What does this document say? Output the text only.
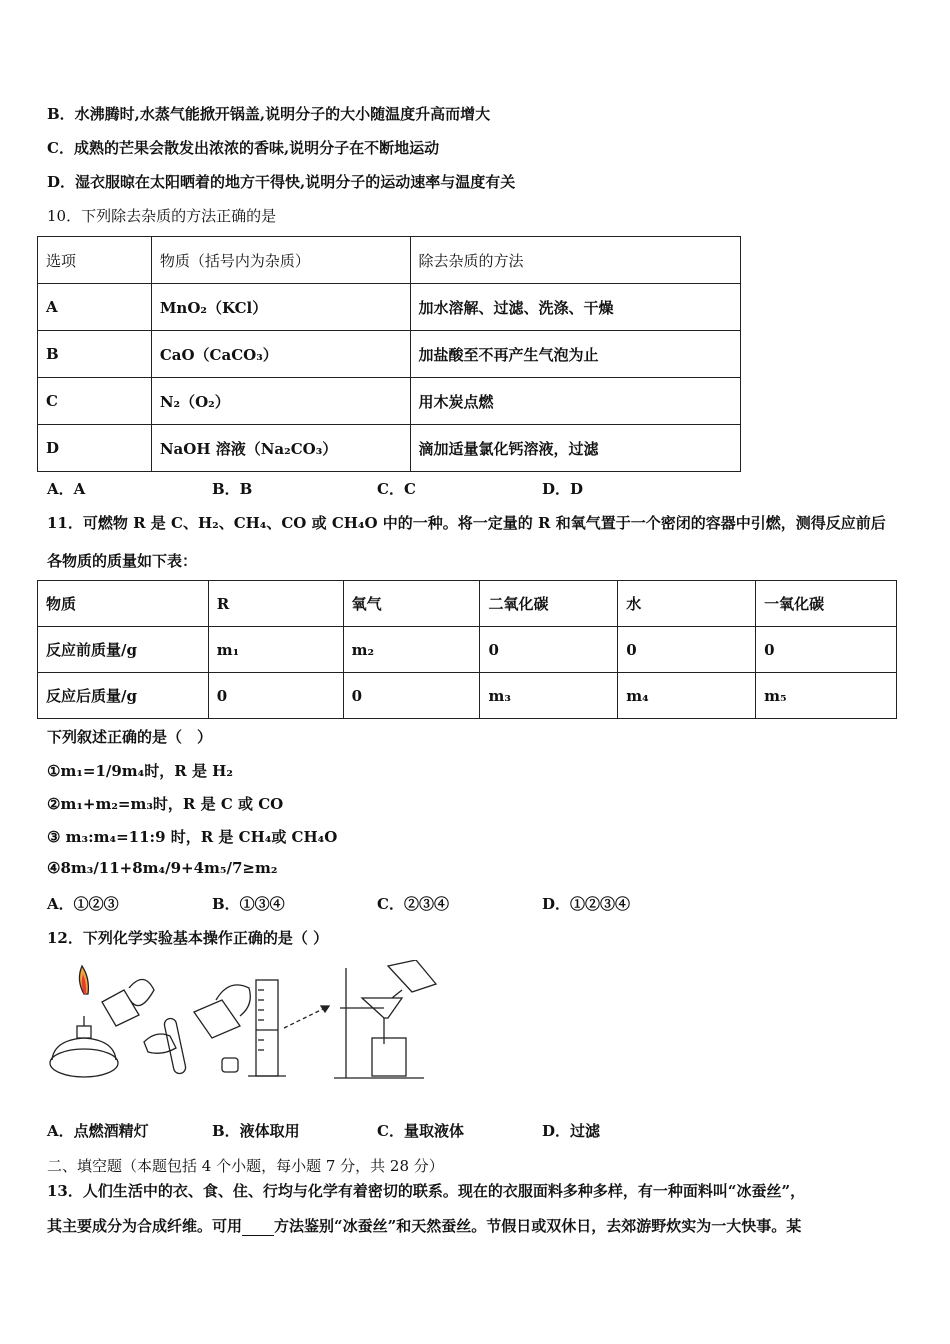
B．水沸腾时,水蒸气能掀开锅盖,说明分子的大小随温度升高而增大
C．成熟的芒果会散发出浓浓的香味,说明分子在不断地运动
D．湿衣服晾在太阳晒着的地方干得快,说明分子的运动速率与温度有关
10．下列除去杂质的方法正确的是
选项	物质（括号内为杂质）	除去杂质的方法
A	MnO₂（KCl）	加水溶解、过滤、洗涤、干燥
B	CaO（CaCO₃）	加盐酸至不再产生气泡为止
C	N₂（O₂）	用木炭点燃
D	NaOH 溶液（Na₂CO₃）	滴加适量氯化钙溶液，过滤
A．A	B．B	C．C	D．D
11．可燃物 R 是 C、H₂、CH₄、CO 或 CH₄O 中的一种。将一定量的 R 和氧气置于一个密闭的容器中引燃，测得反应前后
各物质的质量如下表：
物质	R	氧气	二氧化碳	水	一氧化碳
反应前质量/g	m₁	m₂	0	0	0
反应后质量/g	0	0	m₃	m₄	m₅
下列叙述正确的是（　）
①m₁=1/9m₄时，R 是 H₂
②m₁+m₂=m₃时，R 是 C 或 CO
③ m₃:m₄=11:9 时，R 是 CH₄或 CH₄O
④8m₃/11+8m₄/9+4m₅/7≥m₂
A．①②③	B．①③④	C．②③④	D．①②③④
12．下列化学实验基本操作正确的是（ ）
A．点燃酒精灯	B．液体取用	C．量取液体	D．过滤
二、填空题（本题包括 4 个小题，每小题 7 分，共 28 分）
13．人们生活中的衣、食、住、行均与化学有着密切的联系。现在的衣服面料多种多样，有一种面料叫“冰蚕丝”，
其主要成分为合成纤维。可用 方法鉴别“冰蚕丝”和天然蚕丝。节假日或双休日，去郊游野炊实为一大快事。某
